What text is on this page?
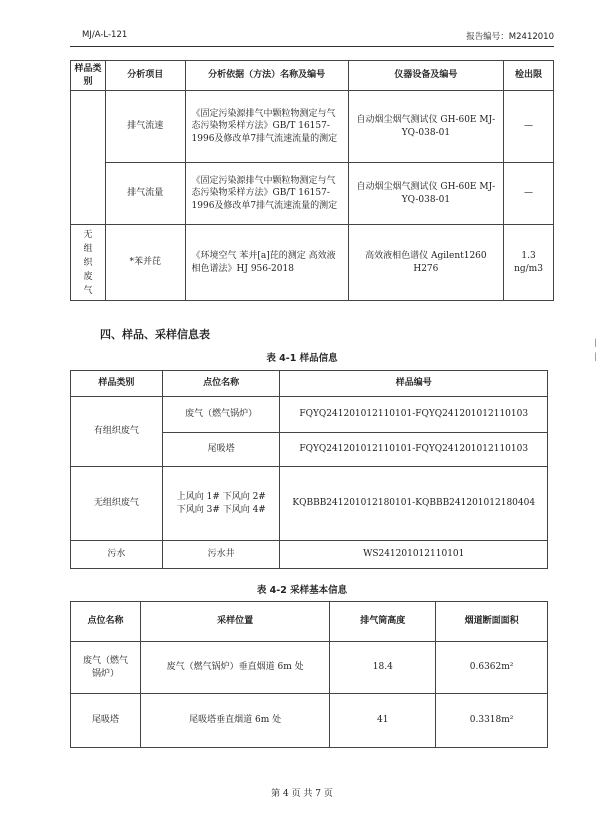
MJ/A-L-121	报告编号：M2412010
样品类别	分析项目	分析依据（方法）名称及编号	仪器设备及编号	检出限
	排气流速	《固定污染源排气中颗粒物测定与气态污染物采样方法》GB/T 16157-1996及修改单7排气流速流量的测定	自动烟尘烟气测试仪 GH-60E MJ-YQ-038-01	—
	排气流量	《固定污染源排气中颗粒物测定与气态污染物采样方法》GB/T 16157-1996及修改单7排气流速流量的测定	自动烟尘烟气测试仪 GH-60E MJ-YQ-038-01	—
无组织废气	*苯并芘	《环境空气 苯并[a]芘的测定 高效液相色谱法》HJ 956-2018	高效液相色谱仪 Agilent1260 H276	1.3 ng/m3
四、样品、采样信息表
表 4-1 样品信息
样品类别	点位名称	样品编号
有组织废气	废气（燃气锅炉）	FQYQ241201012110101-FQYQ241201012110103
	尾吸塔	FQYQ241201012110101-FQYQ241201012110103
无组织废气	上风向 1# 下风向 2# 下风向 3# 下风向 4#	KQBBB241201012180101-KQBBB241201012180404
污水	污水井	WS241201012110101
表 4-2 采样基本信息
点位名称	采样位置	排气筒高度	烟道断面面积
废气（燃气锅炉）	废气（燃气锅炉）垂直烟道 6m 处	18.4	0.6362m²
尾吸塔	尾吸塔垂直烟道 6m 处	41	0.3318m²
第 4 页 共 7 页
|
|
